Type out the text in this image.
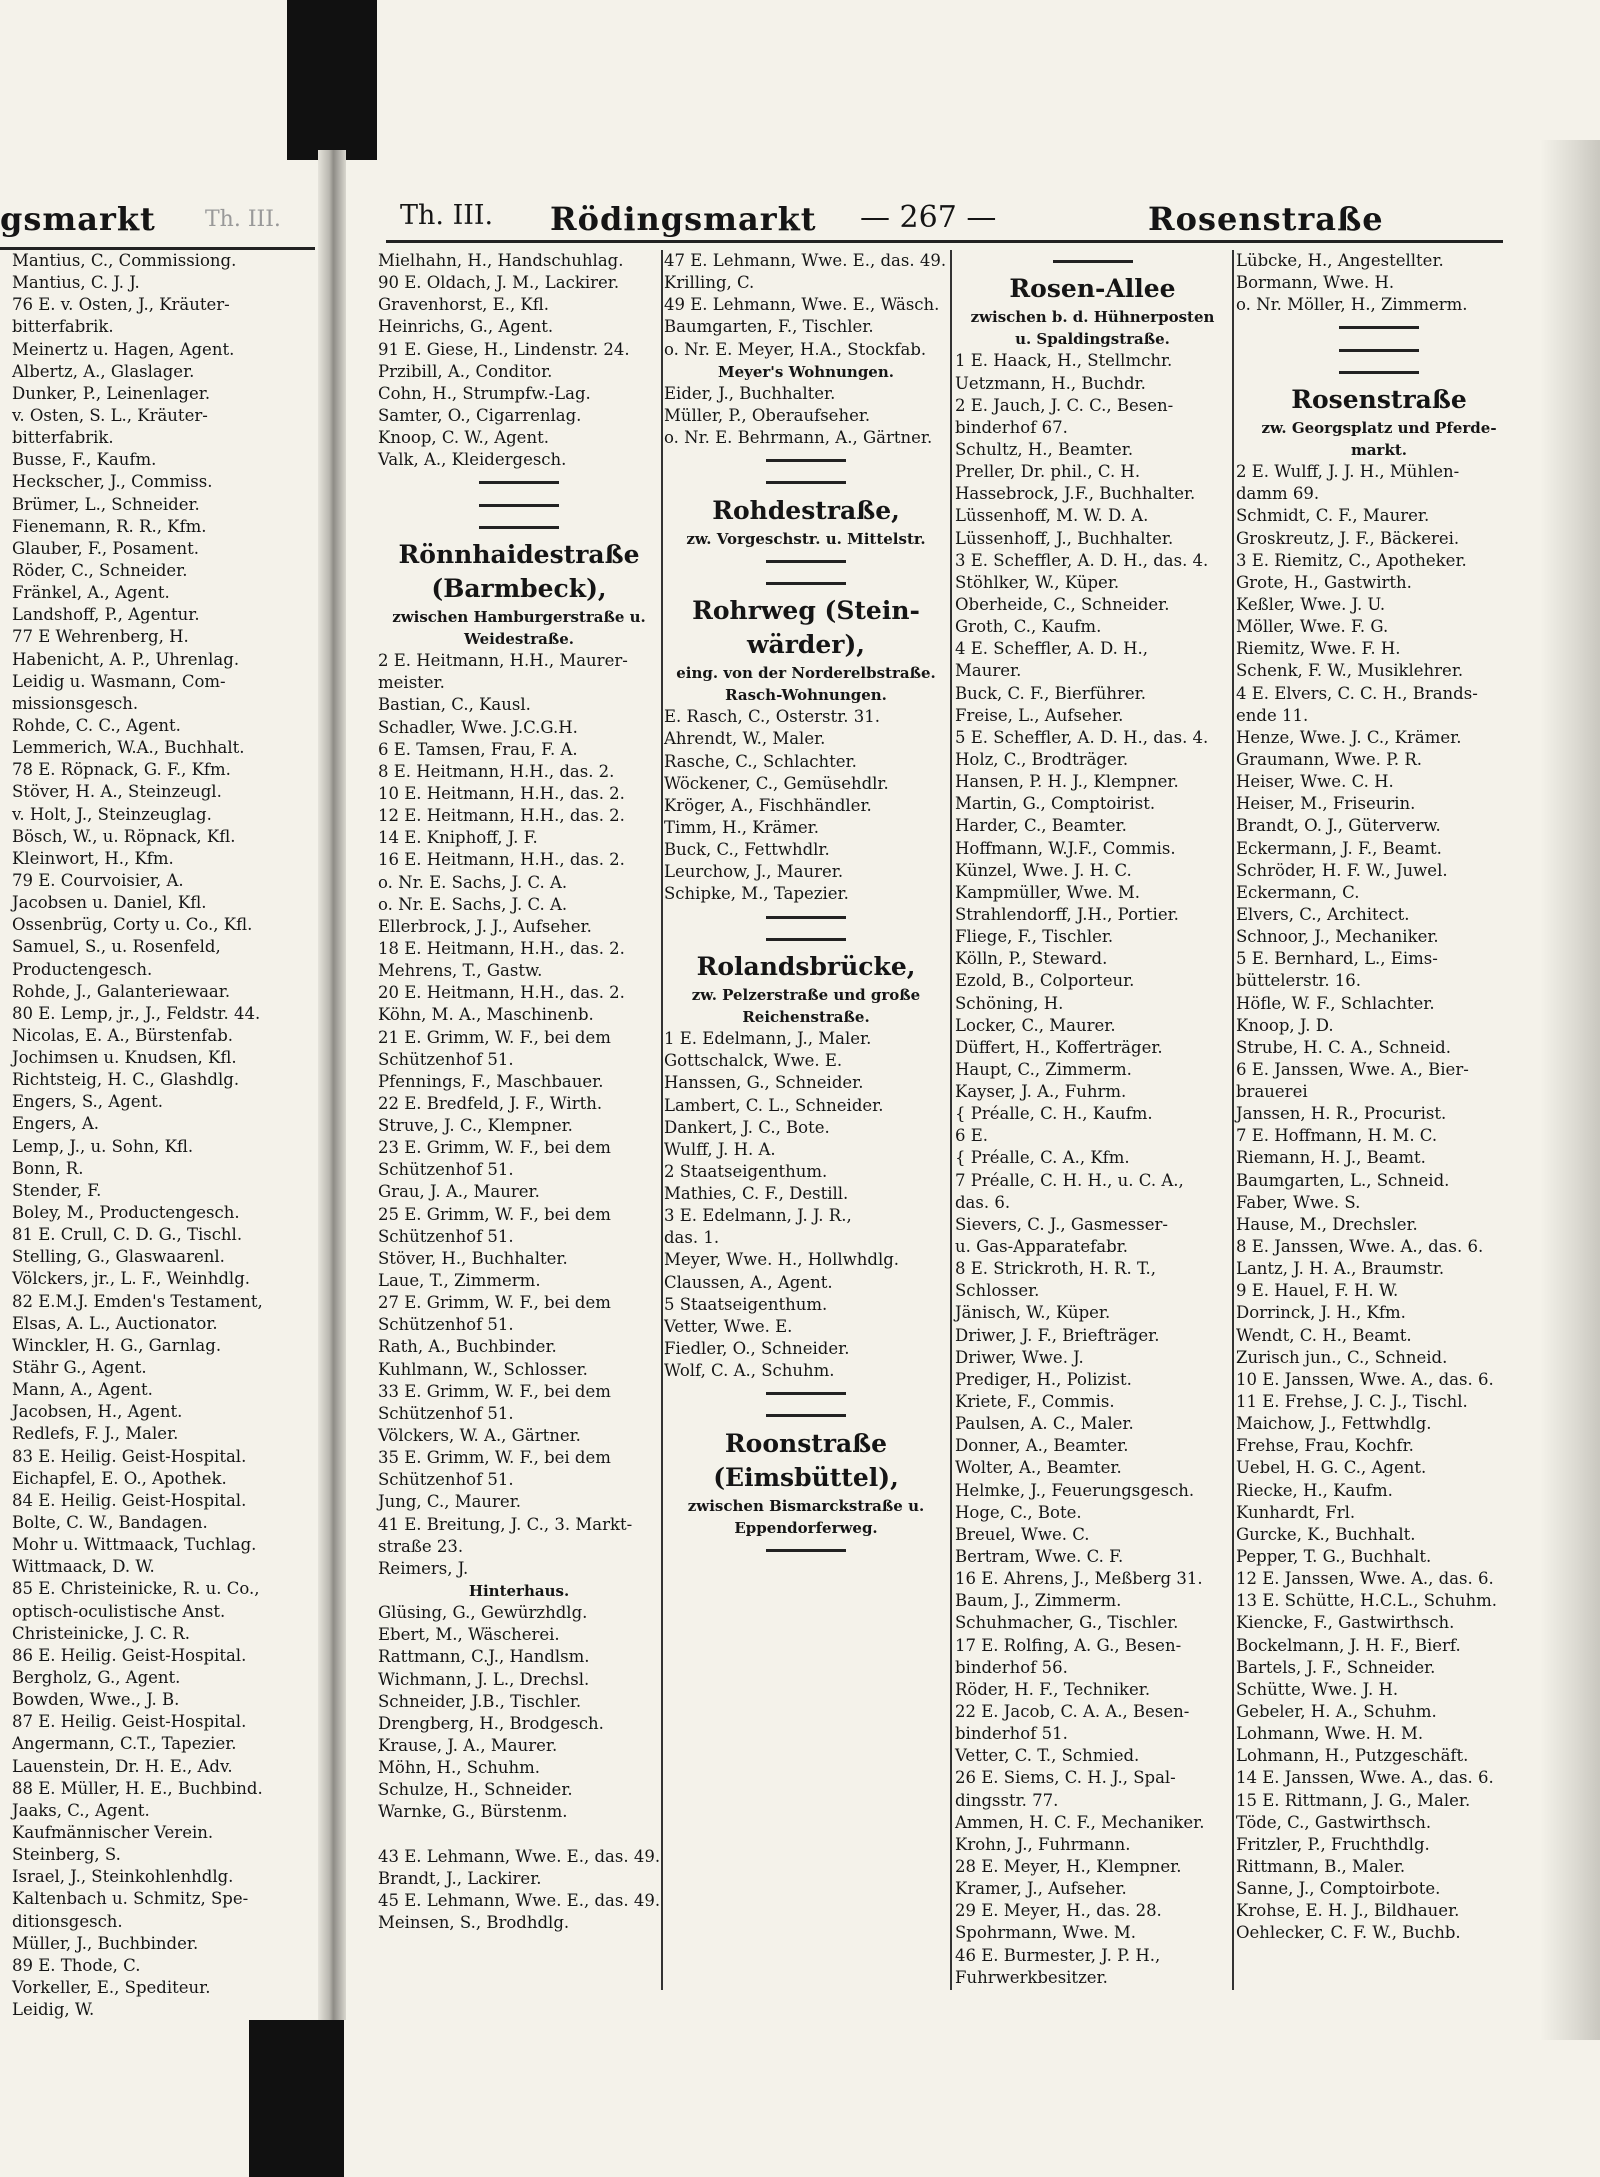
gsmarkt Th. III.	Th. III. Rödingsmarkt — 267 —	Rosenstraße
Mantius, C., Commissiong.
Mantius, C. J. J.
76 E. v. Osten, J., Kräuter-
bitterfabrik.
Meinertz u. Hagen, Agent.
Albertz, A., Glaslager.
Dunker, P., Leinenlager.
v. Osten, S. L., Kräuter-
bitterfabrik.
Busse, F., Kaufm.
Heckscher, J., Commiss.
Brümer, L., Schneider.
Fienemann, R. R., Kfm.
Glauber, F., Posament.
Röder, C., Schneider.
Fränkel, A., Agent.
Landshoff, P., Agentur.
77 E Wehrenberg, H.
Habenicht, A. P., Uhrenlag.
Leidig u. Wasmann, Com-
missionsgesch.
Rohde, C. C., Agent.
Lemmerich, W.A., Buchhalt.
78 E. Röpnack, G. F., Kfm.
Stöver, H. A., Steinzeugl.
v. Holt, J., Steinzeuglag.
Bösch, W., u. Röpnack, Kfl.
Kleinwort, H., Kfm.
79 E. Courvoisier, A.
Jacobsen u. Daniel, Kfl.
Ossenbrüg, Corty u. Co., Kfl.
Samuel, S., u. Rosenfeld,
Productengesch.
Rohde, J., Galanteriewaar.
80 E. Lemp, jr., J., Feldstr. 44.
Nicolas, E. A., Bürstenfab.
Jochimsen u. Knudsen, Kfl.
Richtsteig, H. C., Glashdlg.
Engers, S., Agent.
Engers, A.
Lemp, J., u. Sohn, Kfl.
Bonn, R.
Stender, F.
Boley, M., Productengesch.
81 E. Crull, C. D. G., Tischl.
Stelling, G., Glaswaarenl.
Völckers, jr., L. F., Weinhdlg.
82 E.M.J. Emden's Testament,
Elsas, A. L., Auctionator.
Winckler, H. G., Garnlag.
Stähr G., Agent.
Mann, A., Agent.
Jacobsen, H., Agent.
Redlefs, F. J., Maler.
83 E. Heilig. Geist-Hospital.
Eichapfel, E. O., Apothek.
84 E. Heilig. Geist-Hospital.
Bolte, C. W., Bandagen.
Mohr u. Wittmaack, Tuchlag.
Wittmaack, D. W.
85 E. Christeinicke, R. u. Co.,
optisch-oculistische Anst.
Christeinicke, J. C. R.
86 E. Heilig. Geist-Hospital.
Bergholz, G., Agent.
Bowden, Wwe., J. B.
87 E. Heilig. Geist-Hospital.
Angermann, C.T., Tapezier.
Lauenstein, Dr. H. E., Adv.
88 E. Müller, H. E., Buchbind.
Jaaks, C., Agent.
Kaufmännischer Verein.
Steinberg, S.
Israel, J., Steinkohlenhdlg.
Kaltenbach u. Schmitz, Spe-
ditionsgesch.
Müller, J., Buchbinder.
89 E. Thode, C.
Vorkeller, E., Spediteur.
Leidig, W.
Mielhahn, H., Handschuhlag.
90 E. Oldach, J. M., Lackirer.
Gravenhorst, E., Kfl.
Heinrichs, G., Agent.
91 E. Giese, H., Lindenstr. 24.
Przibill, A., Conditor.
Cohn, H., Strumpfw.-Lag.
Samter, O., Cigarrenlag.
Knoop, C. W., Agent.
Valk, A., Kleidergesch.
Rönnhaidestraße
(Barmbeck),
zwischen Hamburgerstraße u.
Weidestraße.
2 E. Heitmann, H.H., Maurer-
meister.
Bastian, C., Kausl.
Schadler, Wwe. J.C.G.H.
6 E. Tamsen, Frau, F. A.
8 E. Heitmann, H.H., das. 2.
10 E. Heitmann, H.H., das. 2.
12 E. Heitmann, H.H., das. 2.
14 E. Kniphoff, J. F.
16 E. Heitmann, H.H., das. 2.
o. Nr. E. Sachs, J. C. A.
o. Nr. E. Sachs, J. C. A.
Ellerbrock, J. J., Aufseher.
18 E. Heitmann, H.H., das. 2.
Mehrens, T., Gastw.
20 E. Heitmann, H.H., das. 2.
Köhn, M. A., Maschinenb.
21 E. Grimm, W. F., bei dem
Schützenhof 51.
Pfennings, F., Maschbauer.
22 E. Bredfeld, J. F., Wirth.
Struve, J. C., Klempner.
23 E. Grimm, W. F., bei dem
Schützenhof 51.
Grau, J. A., Maurer.
25 E. Grimm, W. F., bei dem
Schützenhof 51.
Stöver, H., Buchhalter.
Laue, T., Zimmerm.
27 E. Grimm, W. F., bei dem
Schützenhof 51.
Rath, A., Buchbinder.
Kuhlmann, W., Schlosser.
33 E. Grimm, W. F., bei dem
Schützenhof 51.
Völckers, W. A., Gärtner.
35 E. Grimm, W. F., bei dem
Schützenhof 51.
Jung, C., Maurer.
41 E. Breitung, J. C., 3. Markt-
straße 23.
Reimers, J.
Hinterhaus.
Glüsing, G., Gewürzhdlg.
Ebert, M., Wäscherei.
Rattmann, C.J., Handlsm.
Wichmann, J. L., Drechsl.
Schneider, J.B., Tischler.
Drengberg, H., Brodgesch.
Krause, J. A., Maurer.
Möhn, H., Schuhm.
Schulze, H., Schneider.
Warnke, G., Bürstenm.
43 E. Lehmann, Wwe. E., das. 49.
Brandt, J., Lackirer.
45 E. Lehmann, Wwe. E., das. 49.
Meinsen, S., Brodhdlg.
47 E. Lehmann, Wwe. E., das. 49.
Krilling, C.
49 E. Lehmann, Wwe. E., Wäsch.
Baumgarten, F., Tischler.
o. Nr. E. Meyer, H.A., Stockfab.
Meyer's Wohnungen.
Eider, J., Buchhalter.
Müller, P., Oberaufseher.
o. Nr. E. Behrmann, A., Gärtner.
Rohdestraße,
zw. Vorgeschstr. u. Mittelstr.
Rohrweg (Stein-
wärder),
eing. von der Norderelbstraße.
Rasch-Wohnungen.
E. Rasch, C., Osterstr. 31.
Ahrendt, W., Maler.
Rasche, C., Schlachter.
Wöckener, C., Gemüsehdlr.
Kröger, A., Fischhändler.
Timm, H., Krämer.
Buck, C., Fettwhdlr.
Leurchow, J., Maurer.
Schipke, M., Tapezier.
Rolandsbrücke,
zw. Pelzerstraße und große
Reichenstraße.
1 E. Edelmann, J., Maler.
Gottschalck, Wwe. E.
Hanssen, G., Schneider.
Lambert, C. L., Schneider.
Dankert, J. C., Bote.
Wulff, J. H. A.
2 Staatseigenthum.
Mathies, C. F., Destill.
3 E. Edelmann, J. J. R.,
das. 1.
Meyer, Wwe. H., Hollwhdlg.
Claussen, A., Agent.
5 Staatseigenthum.
Vetter, Wwe. E.
Fiedler, O., Schneider.
Wolf, C. A., Schuhm.
Roonstraße
(Eimsbüttel),
zwischen Bismarckstraße u.
Eppendorferweg.
Rosen-Allee
zwischen b. d. Hühnerposten
u. Spaldingstraße.
1 E. Haack, H., Stellmchr.
Uetzmann, H., Buchdr.
2 E. Jauch, J. C. C., Besen-
binderhof 67.
Schultz, H., Beamter.
Preller, Dr. phil., C. H.
Hassebrock, J.F., Buchhalter.
Lüssenhoff, M. W. D. A.
Lüssenhoff, J., Buchhalter.
3 E. Scheffler, A. D. H., das. 4.
Stöhlker, W., Küper.
Oberheide, C., Schneider.
Groth, C., Kaufm.
4 E. Scheffler, A. D. H.,
Maurer.
Buck, C. F., Bierführer.
Freise, L., Aufseher.
5 E. Scheffler, A. D. H., das. 4.
Holz, C., Brodträger.
Hansen, P. H. J., Klempner.
Martin, G., Comptoirist.
Harder, C., Beamter.
Hoffmann, W.J.F., Commis.
Künzel, Wwe. J. H. C.
Kampmüller, Wwe. M.
Strahlendorff, J.H., Portier.
Fliege, F., Tischler.
Kölln, P., Steward.
Ezold, B., Colporteur.
Schöning, H.
Locker, C., Maurer.
Düffert, H., Kofferträger.
Haupt, C., Zimmerm.
Kayser, J. A., Fuhrm.
{ Préalle, C. H., Kaufm.
6 E.
{ Préalle, C. A., Kfm.
7 Préalle, C. H. H., u. C. A.,
das. 6.
Sievers, C. J., Gasmesser-
u. Gas-Apparatefabr.
8 E. Strickroth, H. R. T.,
Schlosser.
Jänisch, W., Küper.
Driwer, J. F., Briefträger.
Driwer, Wwe. J.
Prediger, H., Polizist.
Kriete, F., Commis.
Paulsen, A. C., Maler.
Donner, A., Beamter.
Wolter, A., Beamter.
Helmke, J., Feuerungsgesch.
Hoge, C., Bote.
Breuel, Wwe. C.
Bertram, Wwe. C. F.
16 E. Ahrens, J., Meßberg 31.
Baum, J., Zimmerm.
Schuhmacher, G., Tischler.
17 E. Rolfing, A. G., Besen-
binderhof 56.
Röder, H. F., Techniker.
22 E. Jacob, C. A. A., Besen-
binderhof 51.
Vetter, C. T., Schmied.
26 E. Siems, C. H. J., Spal-
dingsstr. 77.
Ammen, H. C. F., Mechaniker.
Krohn, J., Fuhrmann.
28 E. Meyer, H., Klempner.
Kramer, J., Aufseher.
29 E. Meyer, H., das. 28.
Spohrmann, Wwe. M.
46 E. Burmester, J. P. H.,
Fuhrwerkbesitzer.
Lübcke, H., Angestellter.
Bormann, Wwe. H.
o. Nr. Möller, H., Zimmerm.
Rosenstraße
zw. Georgsplatz und Pferde-
markt.
2 E. Wulff, J. J. H., Mühlen-
damm 69.
Schmidt, C. F., Maurer.
Groskreutz, J. F., Bäckerei.
3 E. Riemitz, C., Apotheker.
Grote, H., Gastwirth.
Keßler, Wwe. J. U.
Möller, Wwe. F. G.
Riemitz, Wwe. F. H.
Schenk, F. W., Musiklehrer.
4 E. Elvers, C. C. H., Brands-
ende 11.
Henze, Wwe. J. C., Krämer.
Graumann, Wwe. P. R.
Heiser, Wwe. C. H.
Heiser, M., Friseurin.
Brandt, O. J., Güterverw.
Eckermann, J. F., Beamt.
Schröder, H. F. W., Juwel.
Eckermann, C.
Elvers, C., Architect.
Schnoor, J., Mechaniker.
5 E. Bernhard, L., Eims-
büttelerstr. 16.
Höfle, W. F., Schlachter.
Knoop, J. D.
Strube, H. C. A., Schneid.
6 E. Janssen, Wwe. A., Bier-
brauerei
Janssen, H. R., Procurist.
7 E. Hoffmann, H. M. C.
Riemann, H. J., Beamt.
Baumgarten, L., Schneid.
Faber, Wwe. S.
Hause, M., Drechsler.
8 E. Janssen, Wwe. A., das. 6.
Lantz, J. H. A., Braumstr.
9 E. Hauel, F. H. W.
Dorrinck, J. H., Kfm.
Wendt, C. H., Beamt.
Zurisch jun., C., Schneid.
10 E. Janssen, Wwe. A., das. 6.
11 E. Frehse, J. C. J., Tischl.
Maichow, J., Fettwhdlg.
Frehse, Frau, Kochfr.
Uebel, H. G. C., Agent.
Riecke, H., Kaufm.
Kunhardt, Frl.
Gurcke, K., Buchhalt.
Pepper, T. G., Buchhalt.
12 E. Janssen, Wwe. A., das. 6.
13 E. Schütte, H.C.L., Schuhm.
Kiencke, F., Gastwirthsch.
Bockelmann, J. H. F., Bierf.
Bartels, J. F., Schneider.
Schütte, Wwe. J. H.
Gebeler, H. A., Schuhm.
Lohmann, Wwe. H. M.
Lohmann, H., Putzgeschäft.
14 E. Janssen, Wwe. A., das. 6.
15 E. Rittmann, J. G., Maler.
Töde, C., Gastwirthsch.
Fritzler, P., Fruchthdlg.
Rittmann, B., Maler.
Sanne, J., Comptoirbote.
Krohse, E. H. J., Bildhauer.
Oehlecker, C. F. W., Buchb.
